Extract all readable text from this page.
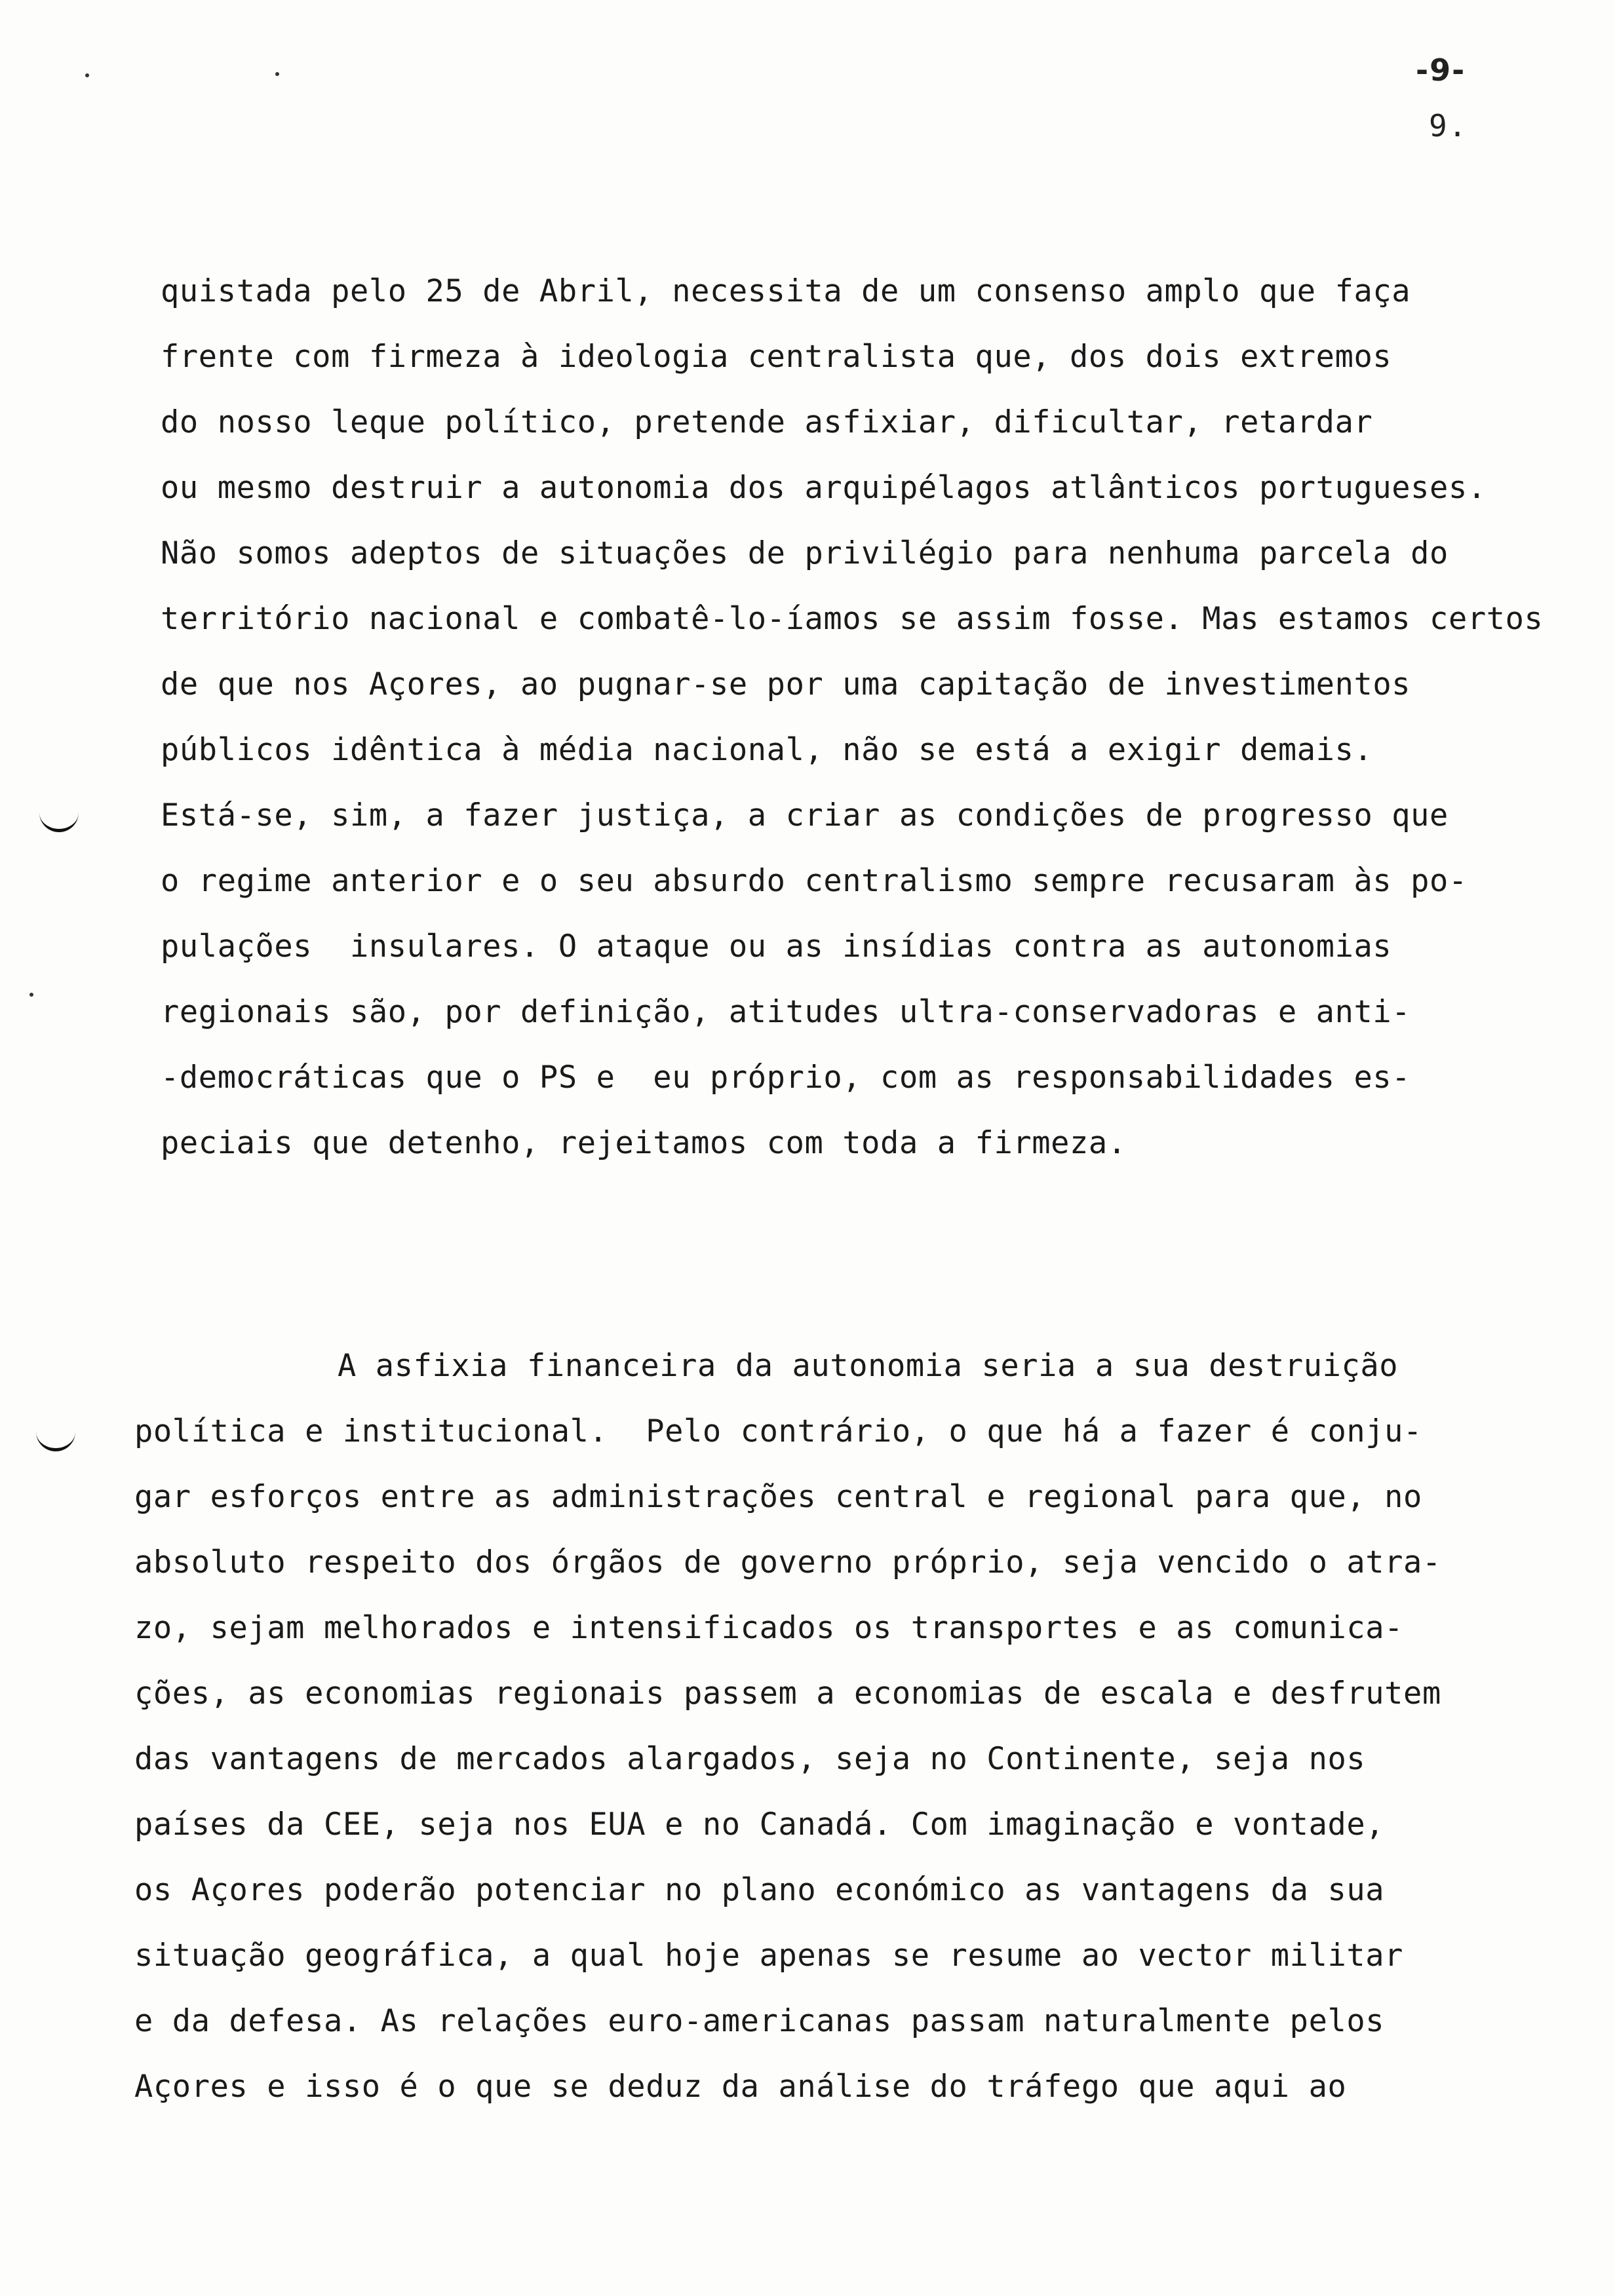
-9-
9.
quistada pelo 25 de Abril, necessita de um consenso amplo que faça
frente com firmeza à ideologia centralista que, dos dois extremos
do nosso leque político, pretende asfixiar, dificultar, retardar
ou mesmo destruir a autonomia dos arquipélagos atlânticos portugueses.
Não somos adeptos de situações de privilégio para nenhuma parcela do
território nacional e combatê-lo-íamos se assim fosse. Mas estamos certos
de que nos Açores, ao pugnar-se por uma capitação de investimentos
públicos idêntica à média nacional, não se está a exigir demais.
Está-se, sim, a fazer justiça, a criar as condições de progresso que
o regime anterior e o seu absurdo centralismo sempre recusaram às po-
pulações  insulares. O ataque ou as insídias contra as autonomias
regionais são, por definição, atitudes ultra-conservadoras e anti-
-democráticas que o PS e  eu próprio, com as responsabilidades es-
peciais que detenho, rejeitamos com toda a firmeza.
A asfixia financeira da autonomia seria a sua destruição
política e institucional.  Pelo contrário, o que há a fazer é conju-
gar esforços entre as administrações central e regional para que, no
absoluto respeito dos órgãos de governo próprio, seja vencido o atra-
zo, sejam melhorados e intensificados os transportes e as comunica-
ções, as economias regionais passem a economias de escala e desfrutem
das vantagens de mercados alargados, seja no Continente, seja nos
países da CEE, seja nos EUA e no Canadá. Com imaginação e vontade,
os Açores poderão potenciar no plano económico as vantagens da sua
situação geográfica, a qual hoje apenas se resume ao vector militar
e da defesa. As relações euro-americanas passam naturalmente pelos
Açores e isso é o que se deduz da análise do tráfego que aqui ao
